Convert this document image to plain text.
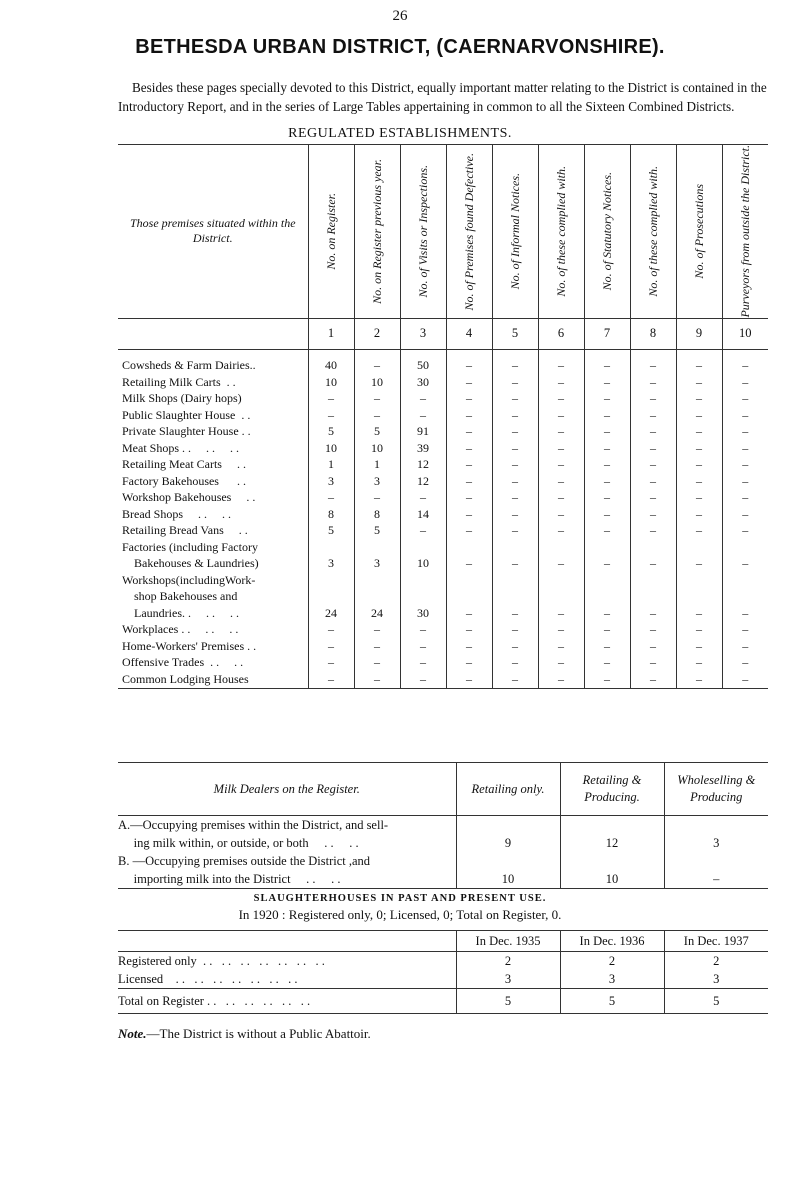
26
BETHESDA URBAN DISTRICT, (CAERNARVONSHIRE).
Besides these pages specially devoted to this District, equally important matter relating to the District is contained in the Introductory Report, and in the series of Large Tables appertaining in common to all the Sixteen Combined Districts.
REGULATED ESTABLISHMENTS.
Those premises situated within the District.	No. on Register.	No. on Register previous year.	No. of Visits or Inspections.	No. of Premises found Defective.	No. of Informal Notices.	No. of these complied with.	No. of Statutory Notices.	No. of these complied with.	No. of Prosecutions	Purveyors from outside the District.

	1	2	3	4	5	6	7	8	9	10

Cowsheds & Farm Dairies..	40	–	50	–	–	–	–	–	–	–
Retailing Milk Carts  . .	10	10	30	–	–	–	–	–	–	–
Milk Shops (Dairy hops)	–	–	–	–	–	–	–	–	–	–
Public Slaughter House  . .	–	–	–	–	–	–	–	–	–	–
Private Slaughter House . .	5	5	91	–	–	–	–	–	–	–
Meat Shops . .     . .     . .	10	10	39	–	–	–	–	–	–	–
Retailing Meat Carts     . .	1	1	12	–	–	–	–	–	–	–
Factory Bakehouses      . .	3	3	12	–	–	–	–	–	–	–
Workshop Bakehouses     . .	–	–	–	–	–	–	–	–	–	–
Bread Shops     . .     . .	8	8	14	–	–	–	–	–	–	–
Retailing Bread Vans     . .	5	5	–	–	–	–	–	–	–	–
Factories (including Factory										
Bakehouses & Laundries)	3	3	10	–	–	–	–	–	–	–
Workshops(includingWork-										
shop Bakehouses and										
Laundries. .     . .     . .	24	24	30	–	–	–	–	–	–	–
Workplaces . .     . .     . .	–	–	–	–	–	–	–	–	–	–
Home-Workers' Premises . .	–	–	–	–	–	–	–	–	–	–
Offensive Trades  . .     . .	–	–	–	–	–	–	–	–	–	–
Common Lodging Houses	–	–	–	–	–	–	–	–	–	–
Milk Dealers on the Register.	Retailing only.	Retailing & Producing.	Wholeselling & Producing
A.—Occupying premises within the District, and sell-			
ing milk within, or outside, or both     . .     . .	9	12	3
B. —Occupying premises outside the District ,and			
importing milk into the District     . .     . .	10	10	–
SLAUGHTERHOUSES IN PAST AND PRESENT USE.
In 1920 : Registered only, 0; Licensed, 0; Total on Register, 0.
	In Dec. 1935	In Dec. 1936	In Dec. 1937
Registered only  . .   . .   . .   . .   . .   . .   . .	2	2	2
Licensed    . .   . .   . .   . .   . .   . .   . .	3	3	3
Total on Register . .   . .   . .   . .   . .   . .	5	5	5
Note.—The District is without a Public Abattoir.
